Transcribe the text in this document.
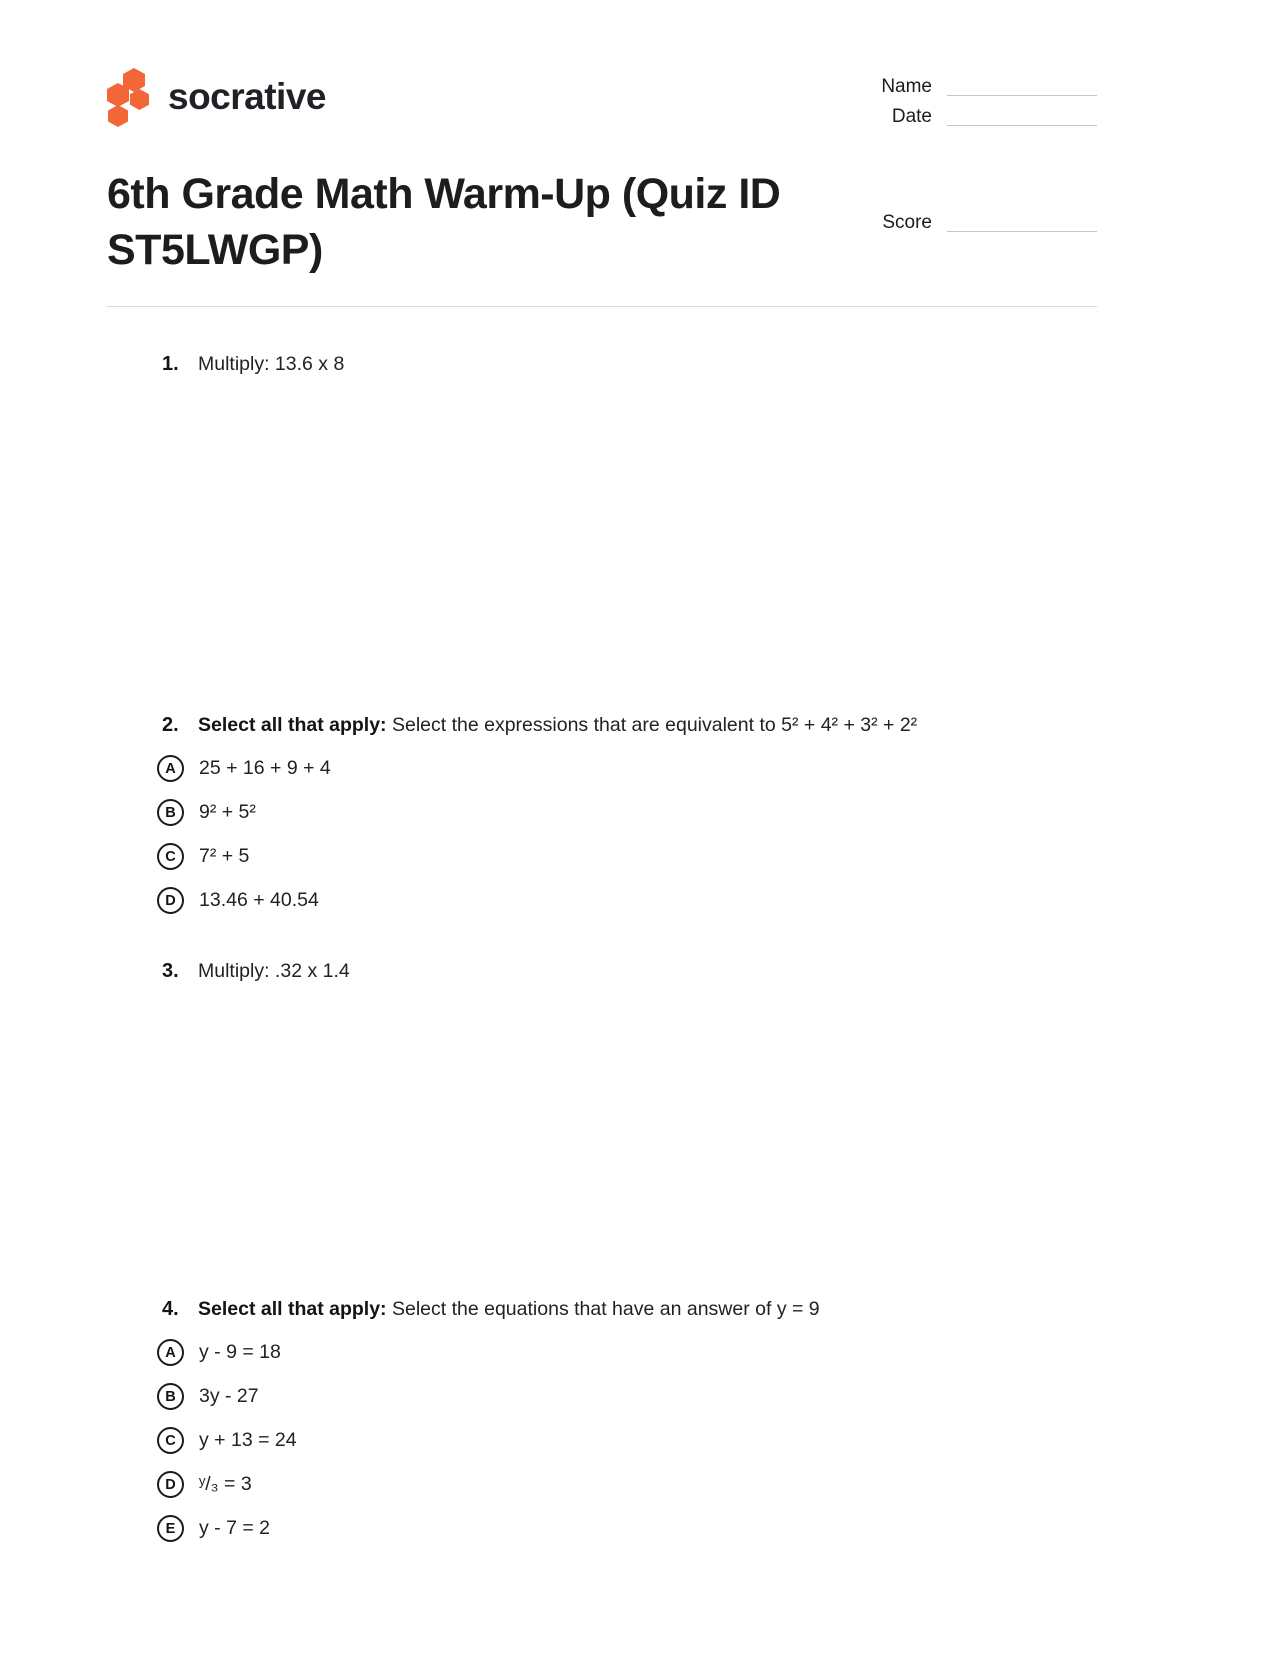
socrative	Name
Date
6th Grade Math Warm-Up (Quiz ID ST5LWGP)
Score
1. Multiply: 13.6 x 8

2. Select all that apply: Select the expressions that are equivalent to 5² + 4² + 3² + 2²

A 25 + 16 + 9 + 4
B 9² + 5²
C 7² + 5
D 13.46 + 40.54
3. Multiply: .32 x 1.4

4. Select all that apply: Select the equations that have an answer of y = 9

A y - 9 = 18
B 3y - 27
C y + 13 = 24
D ʸ/₃ = 3
E y - 7 = 2
